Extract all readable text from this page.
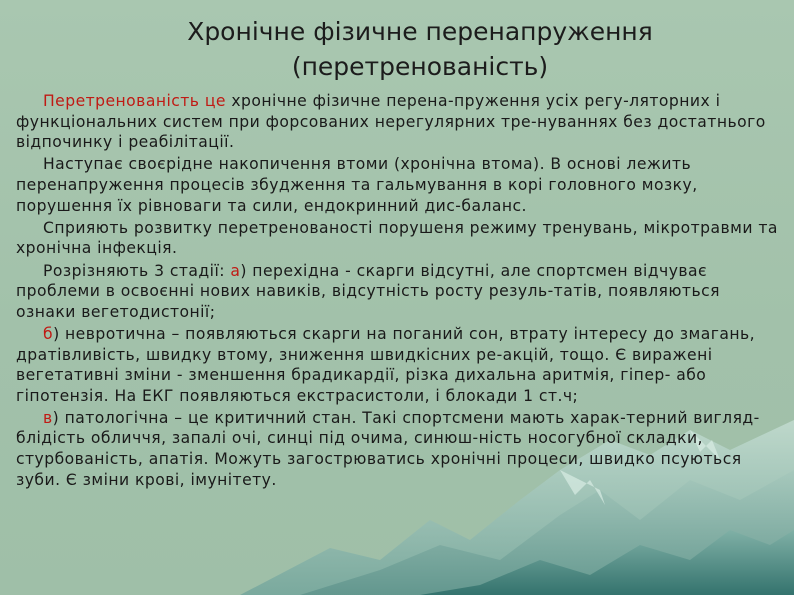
Хронічне фізичне перенапруження
(перетренованість)

Перетренованість це хронічне фізичне перена-пруження усіх регу-ляторних і функціональних систем при форсованих нерегулярних тре-нуваннях без достатнього відпочинку і реабілітації.

Наступає своєрідне накопичення втоми (хронічна втома). В основі лежить перенапруження процесів збудження та гальмування в корі головного мозку, порушення їх рівноваги та сили, ендокринний дис-баланс.

Сприяють розвитку перетренованості порушеня режиму тренувань, мікротравми та хронічна інфекція.

Розрізняють 3 стадії: а) перехідна - скарги відсутні, але спортсмен відчуває проблеми в освоєнні нових навиків, відсутність росту резуль-татів, появляються ознаки вегетодистонії;

б) невротична – появляються скарги на поганий сон, втрату інтересу до змагань, дратівливість, швидку втому, зниження швидкісних ре-акцій, тощо. Є виражені вегетативні зміни - зменшення брадикардії, різка дихальна аритмія, гіпер- або гіпотензія. На ЕКГ появляються екстрасистоли, і блокади 1 ст.ч;

в) патологічна – це критичний стан. Такі спортсмени мають харак-терний вигляд- блідість обличчя, запалі очі, синці під очима, синюш-ність носогубної складки, стурбованість, апатія. Можуть загострюватись хронічні процеси, швидко псуються зуби. Є зміни крові, імунітету.
